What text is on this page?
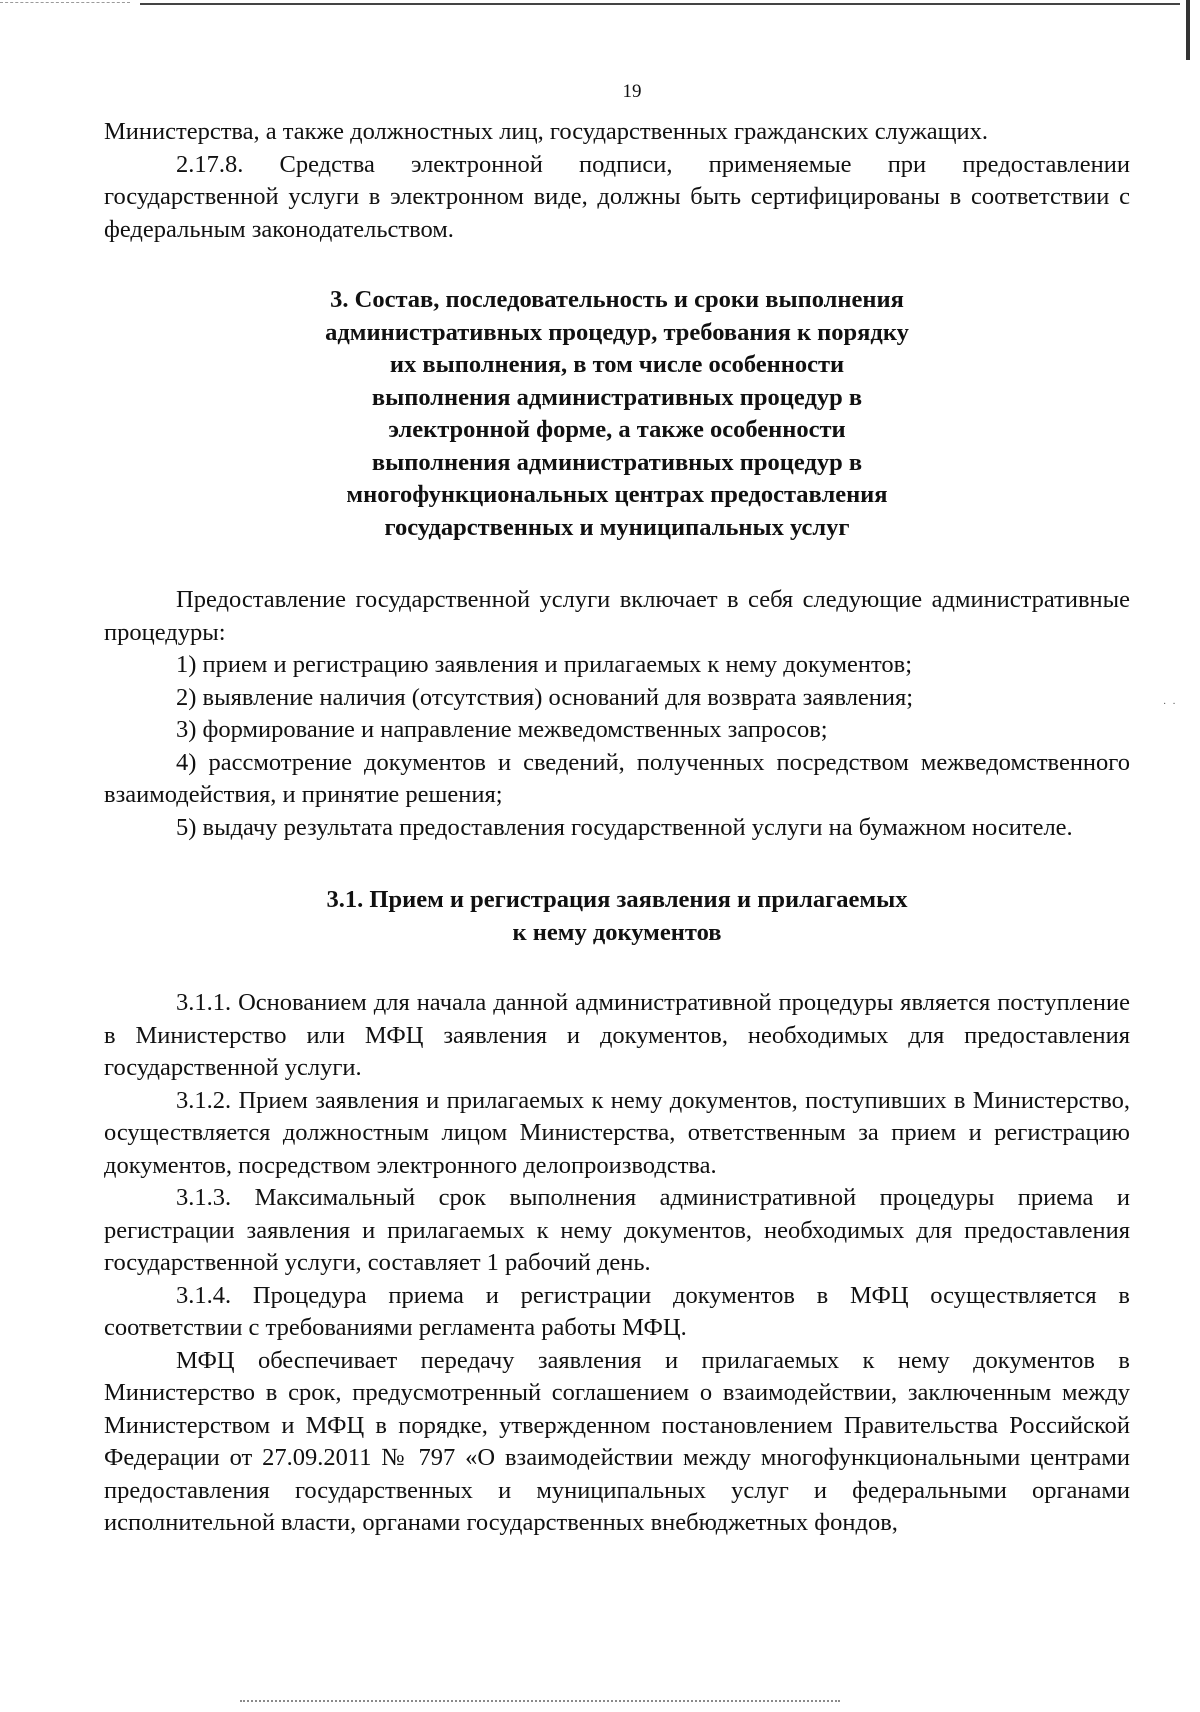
··
19

Министерства, а также должностных лиц, государственных гражданских служащих.

2.17.8. Средства электронной подписи, применяемые при предоставлении государственной услуги в электронном виде, должны быть сертифицированы в соответствии с федеральным законодательством.

3. Состав, последовательность и сроки выполнения
административных процедур, требования к порядку
их выполнения, в том числе особенности
выполнения административных процедур в
электронной форме, а также особенности
выполнения административных процедур в
многофункциональных центрах предоставления
государственных и муниципальных услуг

Предоставление государственной услуги включает в себя следующие административные процедуры:

1) прием и регистрацию заявления и прилагаемых к нему документов;

2) выявление наличия (отсутствия) оснований для возврата заявления;

3) формирование и направление межведомственных запросов;

4) рассмотрение документов и сведений, полученных посредством межведомственного взаимодействия, и принятие решения;

5) выдачу результата предоставления государственной услуги на бумажном носителе.

3.1. Прием и регистрация заявления и прилагаемых
к нему документов

3.1.1. Основанием для начала данной административной процедуры является поступление в Министерство или МФЦ заявления и документов, необходимых для предоставления государственной услуги.

3.1.2. Прием заявления и прилагаемых к нему документов, поступивших в Министерство, осуществляется должностным лицом Министерства, ответственным за прием и регистрацию документов, посредством электронного делопроизводства.

3.1.3. Максимальный срок выполнения административной процедуры приема и регистрации заявления и прилагаемых к нему документов, необходимых для предоставления государственной услуги, составляет 1 рабочий день.

3.1.4. Процедура приема и регистрации документов в МФЦ осуществляется в соответствии с требованиями регламента работы МФЦ.

МФЦ обеспечивает передачу заявления и прилагаемых к нему документов в Министерство в срок, предусмотренный соглашением о взаимодействии, заключенным между Министерством и МФЦ в порядке, утвержденном постановлением Правительства Российской Федерации от 27.09.2011 № 797 «О взаимодействии между многофункциональными центрами предоставления государственных и муниципальных услуг и федеральными органами исполнительной власти, органами государственных внебюджетных фондов,
